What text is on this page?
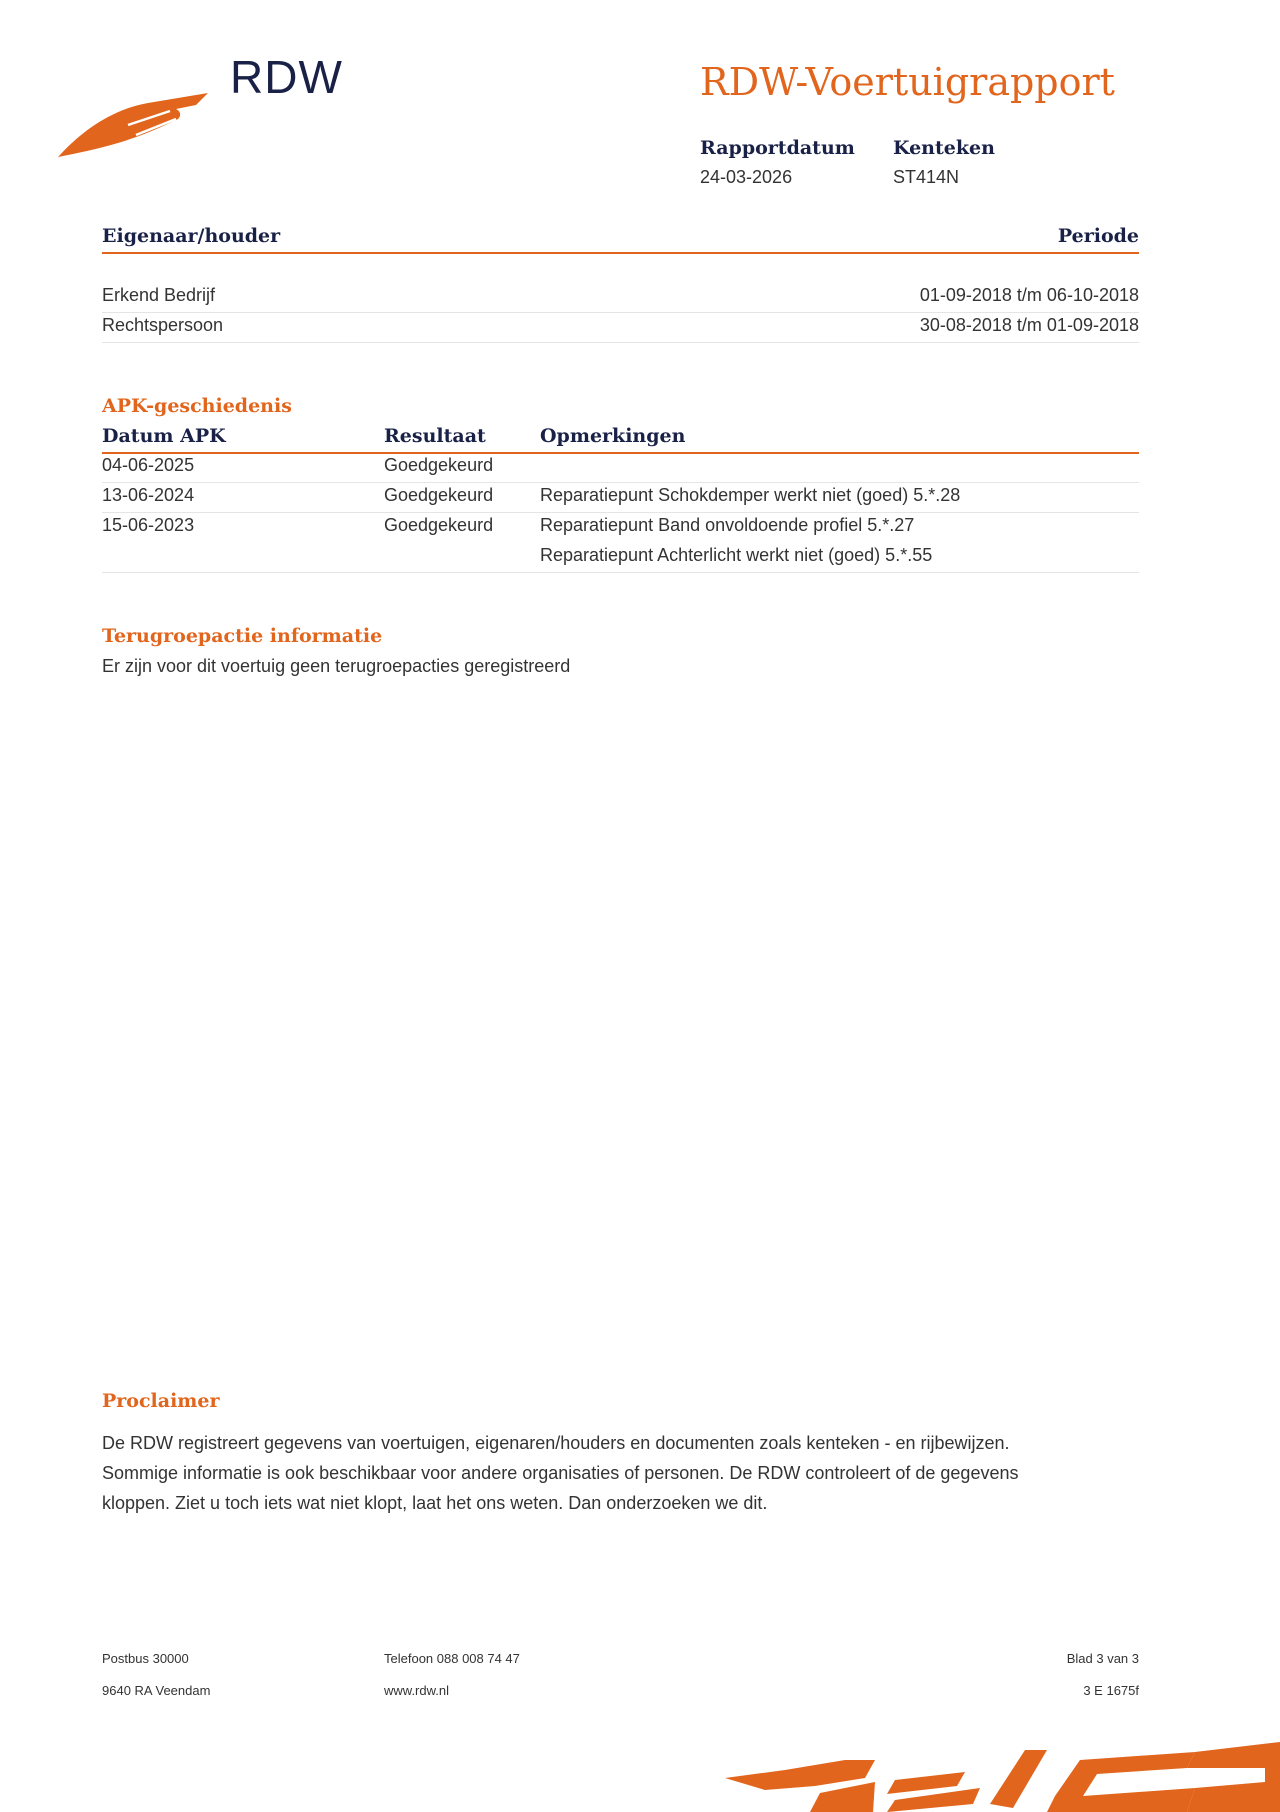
RDW	RDW-Voertuigrapport
Rapportdatum
24-03-2026
Kenteken
ST414N
Eigenaar/houder	Periode
Erkend Bedrijf	01-09-2018 t/m 06-10-2018
Rechtspersoon	30-08-2018 t/m 01-09-2018
APK-geschiedenis
Datum APK	Resultaat	Opmerkingen
04-06-2025	Goedgekeurd
13-06-2024	Goedgekeurd	Reparatiepunt Schokdemper werkt niet (goed) 5.*.28
15-06-2023	Goedgekeurd	Reparatiepunt Band onvoldoende profiel 5.*.27
Reparatiepunt Achterlicht werkt niet (goed) 5.*.55
Terugroepactie informatie
Er zijn voor dit voertuig geen terugroepacties geregistreerd
Proclaimer
De RDW registreert gegevens van voertuigen, eigenaren/houders en documenten zoals kenteken - en rijbewijzen.
Sommige informatie is ook beschikbaar voor andere organisaties of personen. De RDW controleert of de gegevens
kloppen. Ziet u toch iets wat niet klopt, laat het ons weten. Dan onderzoeken we dit.
Postbus 30000
9640 RA Veendam
Telefoon 088 008 74 47
www.rdw.nl
Blad 3 van 3
3 E 1675f
